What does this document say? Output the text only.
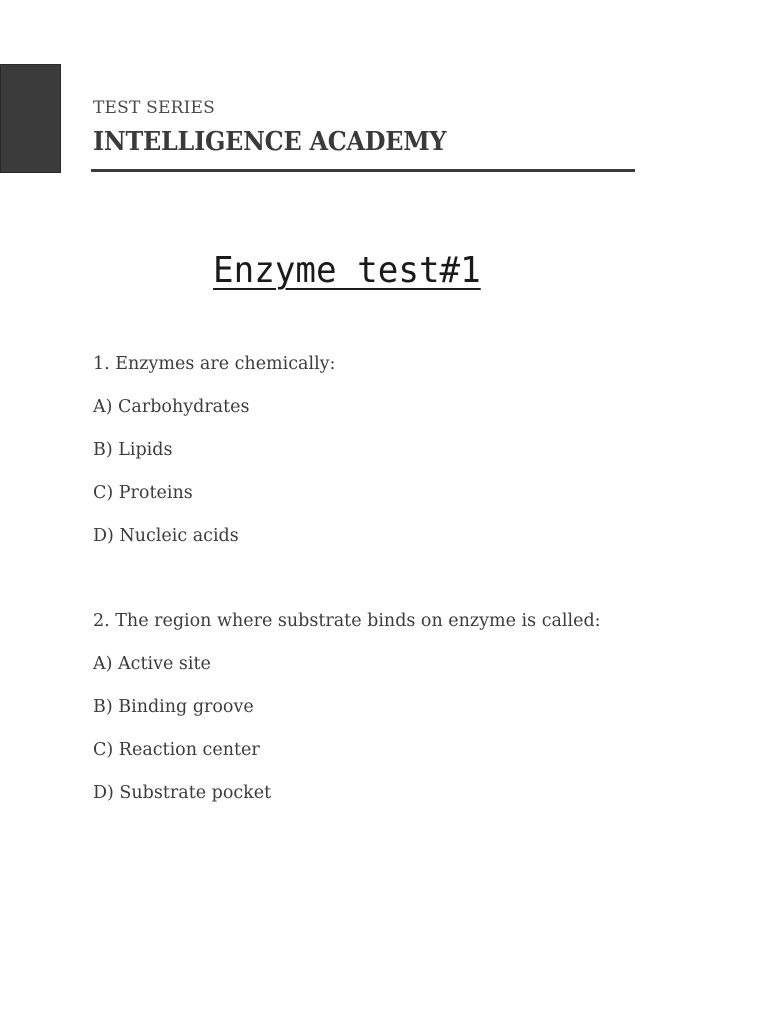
TEST SERIES

INTELLIGENCE ACADEMY

Enzyme test#1
1. Enzymes are chemically:
A) Carbohydrates
B) Lipids
C) Proteins
D) Nucleic acids
2. The region where substrate binds on enzyme is called:
A) Active site
B) Binding groove
C) Reaction center
D) Substrate pocket
